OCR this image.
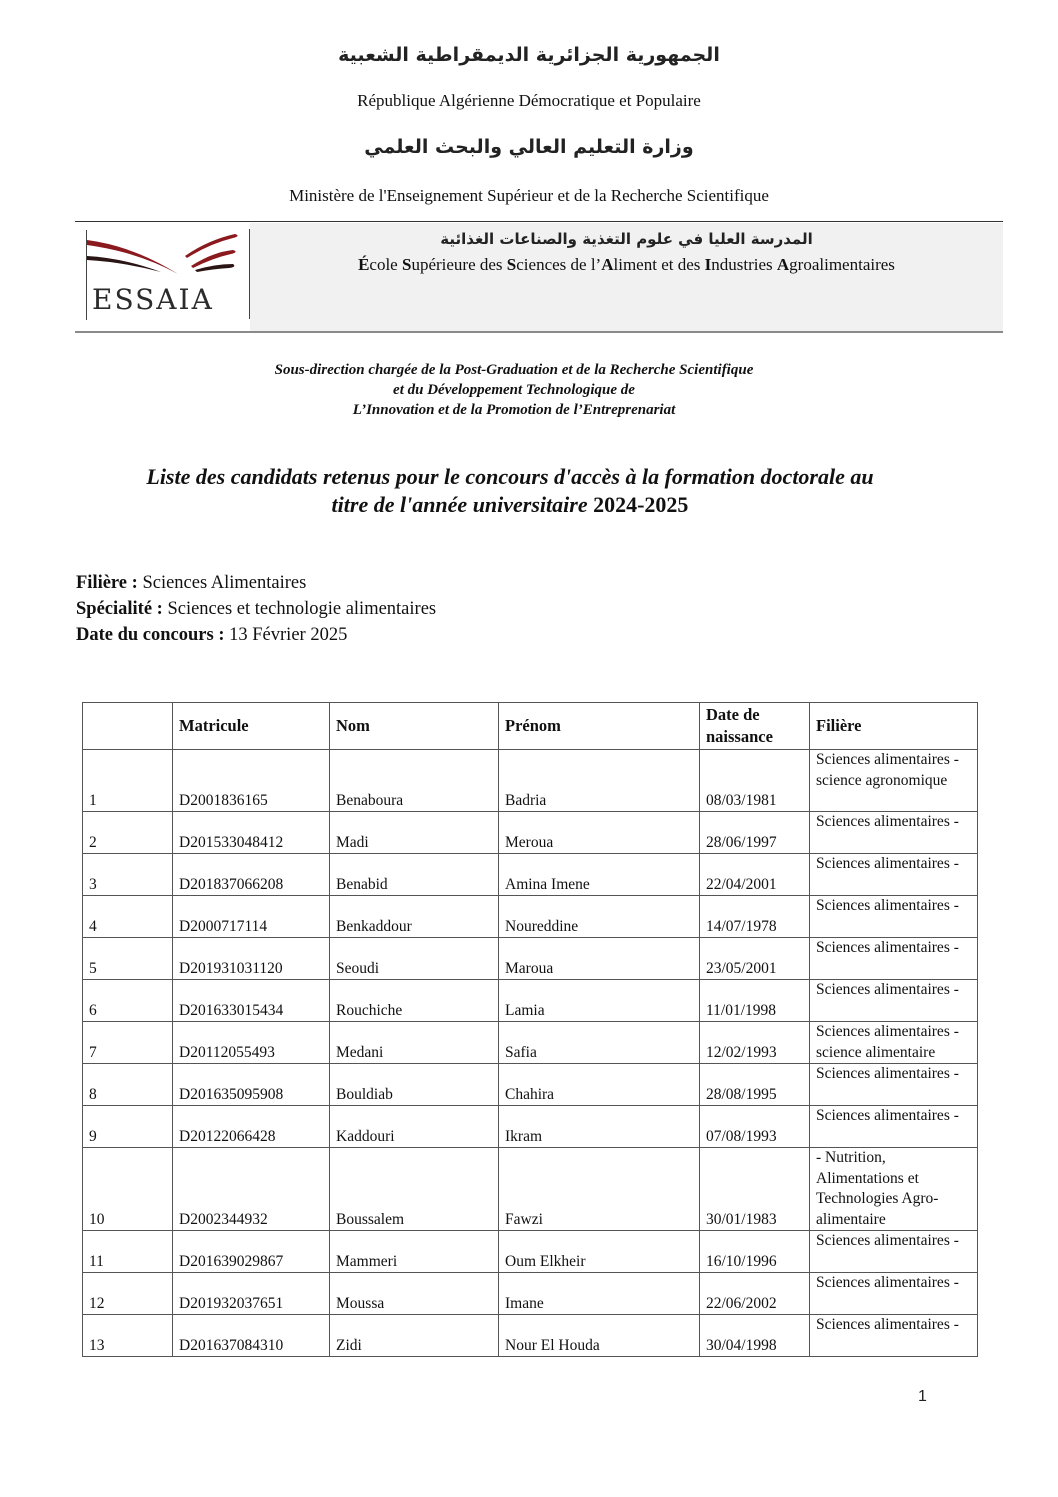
الجمهورية الجزائرية الديمقراطية الشعبية
République Algérienne Démocratique et Populaire
وزارة التعليم العالي والبحث العلمي
Ministère de l'Enseignement Supérieur et de la Recherche Scientifique
ESSAIA
المدرسة العليا في علوم التغذية والصناعات الغذائية
École Supérieure des Sciences de l’Aliment et des Industries Agroalimentaires
Sous-direction chargée de la Post-Graduation et de la Recherche Scientifique
et du Développement Technologique de
L’Innovation et de la Promotion de l’Entreprenariat
Liste des candidats retenus pour le concours d'accès à la formation doctorale au
titre de l'année universitaire 2024-2025
Filière : Sciences Alimentaires
Spécialité : Sciences et technologie alimentaires
Date du concours : 13 Février 2025
	Matricule	Nom	Prénom	Date de naissance	Filière
1	D2001836165	Benaboura	Badria	08/03/1981	Sciences alimentaires - science agronomique
2	D201533048412	Madi	Meroua	28/06/1997	Sciences alimentaires -
3	D201837066208	Benabid	Amina Imene	22/04/2001	Sciences alimentaires -
4	D2000717114	Benkaddour	Noureddine	14/07/1978	Sciences alimentaires -
5	D201931031120	Seoudi	Maroua	23/05/2001	Sciences alimentaires -
6	D201633015434	Rouchiche	Lamia	11/01/1998	Sciences alimentaires -
7	D20112055493	Medani	Safia	12/02/1993	Sciences alimentaires - science alimentaire
8	D201635095908	Bouldiab	Chahira	28/08/1995	Sciences alimentaires -
9	D20122066428	Kaddouri	Ikram	07/08/1993	Sciences alimentaires -
10	D2002344932	Boussalem	Fawzi	30/01/1983	- Nutrition, Alimentations et Technologies Agro-alimentaire
11	D201639029867	Mammeri	Oum Elkheir	16/10/1996	Sciences alimentaires -
12	D201932037651	Moussa	Imane	22/06/2002	Sciences alimentaires -
13	D201637084310	Zidi	Nour El Houda	30/04/1998	Sciences alimentaires -
1
